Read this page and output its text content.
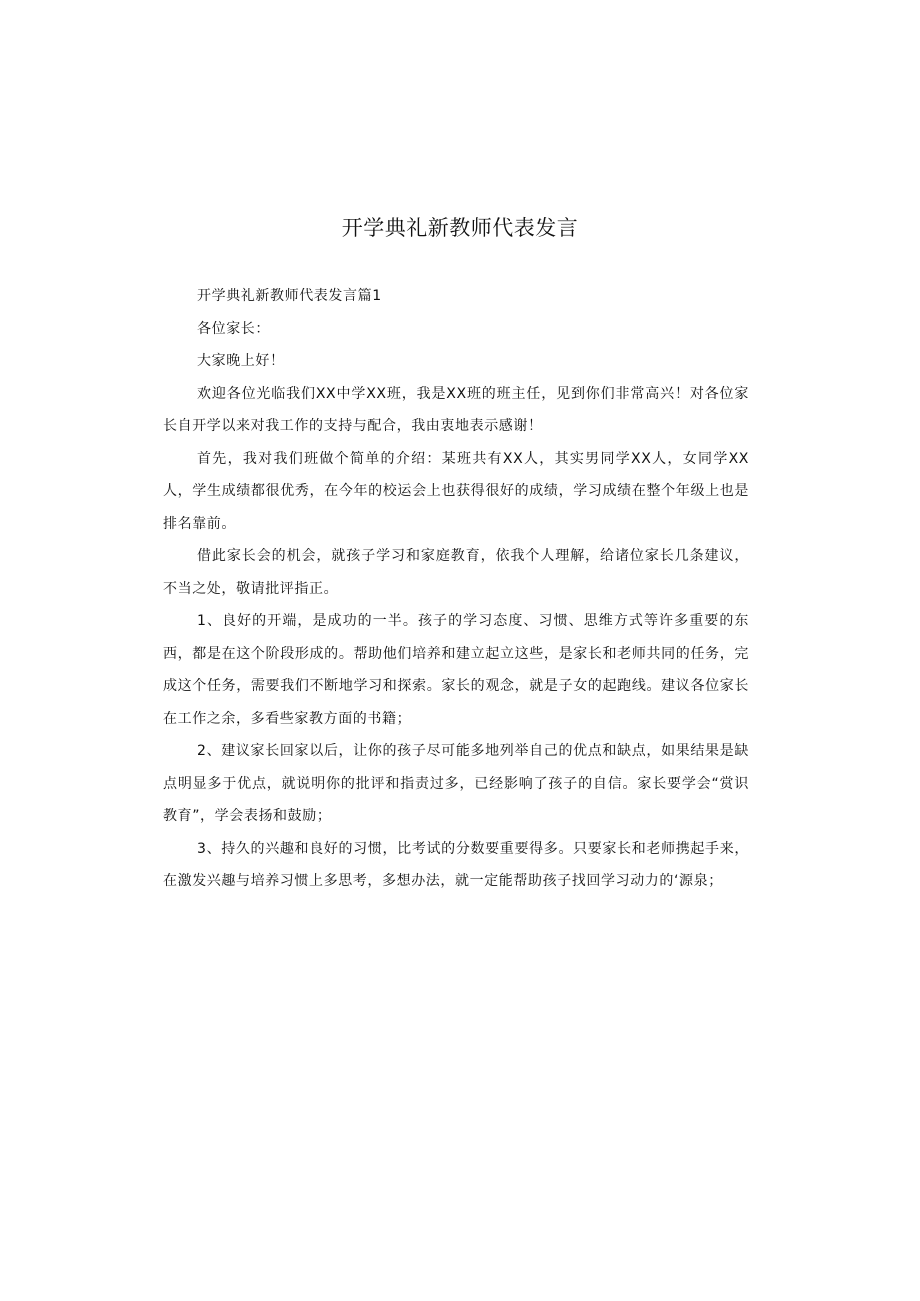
开学典礼新教师代表发言

开学典礼新教师代表发言篇1

各位家长：

大家晚上好！

欢迎各位光临我们XX中学XX班，我是XX班的班主任，见到你们非常高兴！对各位家长自开学以来对我工作的支持与配合，我由衷地表示感谢！

首先，我对我们班做个简单的介绍：某班共有XX人，其实男同学XX人，女同学XX人，学生成绩都很优秀，在今年的校运会上也获得很好的成绩，学习成绩在整个年级上也是排名靠前。

借此家长会的机会，就孩子学习和家庭教育，依我个人理解，给诸位家长几条建议，不当之处，敬请批评指正。

1、良好的开端，是成功的一半。孩子的学习态度、习惯、思维方式等许多重要的东西，都是在这个阶段形成的。帮助他们培养和建立起立这些，是家长和老师共同的任务，完成这个任务，需要我们不断地学习和探索。家长的观念，就是子女的起跑线。建议各位家长在工作之余，多看些家教方面的书籍；

2、建议家长回家以后，让你的孩子尽可能多地列举自己的优点和缺点，如果结果是缺点明显多于优点，就说明你的批评和指责过多，已经影响了孩子的自信。家长要学会“赏识教育”，学会表扬和鼓励；

3、持久的兴趣和良好的习惯，比考试的分数要重要得多。只要家长和老师携起手来，在激发兴趣与培养习惯上多思考，多想办法，就一定能帮助孩子找回学习动力的‘源泉；
